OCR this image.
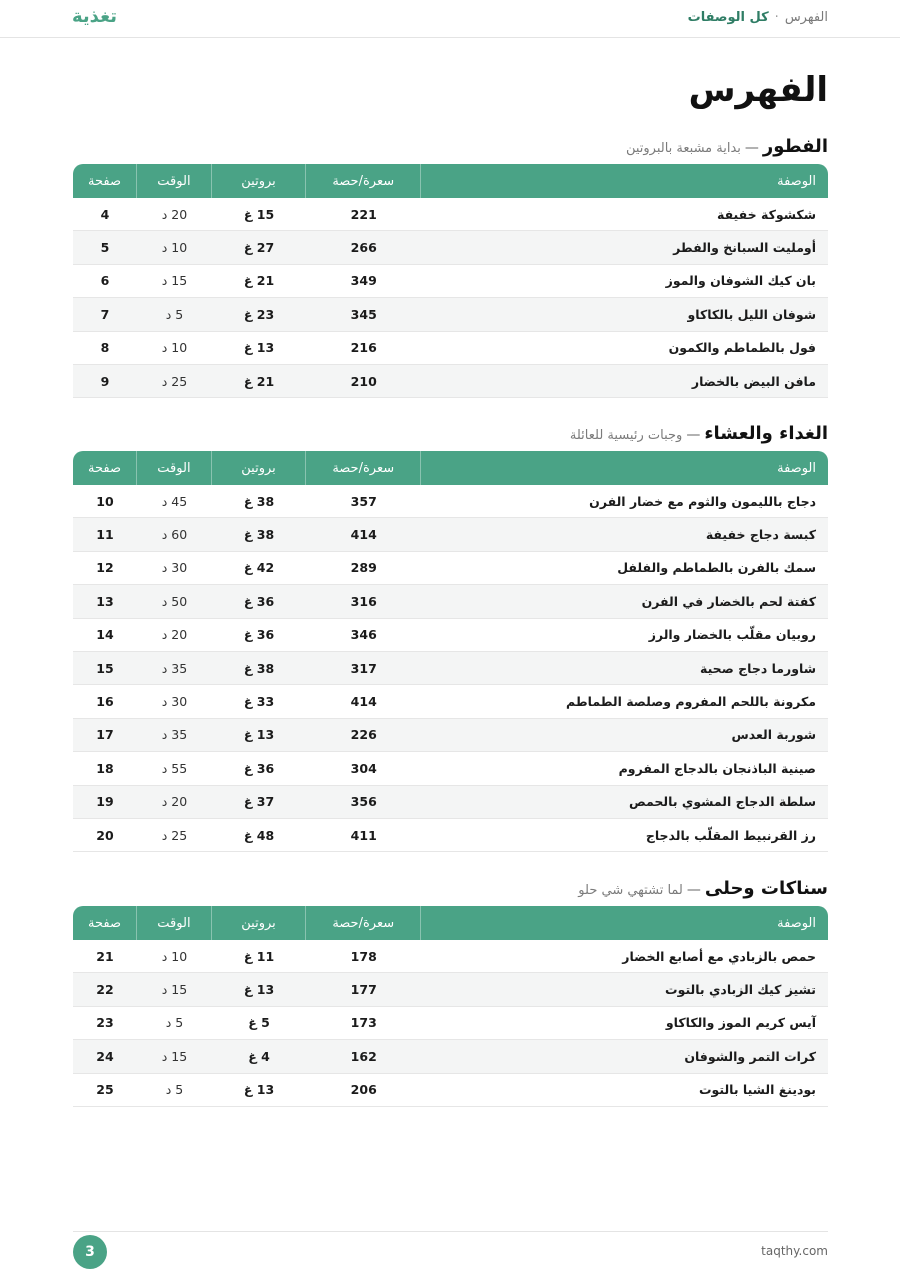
الفهرس·كل الوصفات
تغذية
الفهرس
الفطور—بداية مشبعة بالبروتين
الوصفة	سعرة/حصة	بروتين	الوقت	صفحة
شكشوكة خفيفة	221	15 غ	20 د	4
أومليت السبانخ والفطر	266	27 غ	10 د	5
بان كيك الشوفان والموز	349	21 غ	15 د	6
شوفان الليل بالكاكاو	345	23 غ	5 د	7
فول بالطماطم والكمون	216	13 غ	10 د	8
مافن البيض بالخضار	210	21 غ	25 د	9
الغداء والعشاء—وجبات رئيسية للعائلة
الوصفة	سعرة/حصة	بروتين	الوقت	صفحة
دجاج بالليمون والثوم مع خضار الفرن	357	38 غ	45 د	10
كبسة دجاج خفيفة	414	38 غ	60 د	11
سمك بالفرن بالطماطم والفلفل	289	42 غ	30 د	12
كفتة لحم بالخضار في الفرن	316	36 غ	50 د	13
روبيان مقلّب بالخضار والرز	346	36 غ	20 د	14
شاورما دجاج صحية	317	38 غ	35 د	15
مكرونة باللحم المفروم وصلصة الطماطم	414	33 غ	30 د	16
شوربة العدس	226	13 غ	35 د	17
صينية الباذنجان بالدجاج المفروم	304	36 غ	55 د	18
سلطة الدجاج المشوي بالحمص	356	37 غ	20 د	19
رز القرنبيط المقلّب بالدجاج	411	48 غ	25 د	20
سناكات وحلى—لما تشتهي شي حلو
الوصفة	سعرة/حصة	بروتين	الوقت	صفحة
حمص بالزبادي مع أصابع الخضار	178	11 غ	10 د	21
تشيز كيك الزبادي بالتوت	177	13 غ	15 د	22
آيس كريم الموز والكاكاو	173	5 غ	5 د	23
كرات التمر والشوفان	162	4 غ	15 د	24
بودينغ الشيا بالتوت	206	13 غ	5 د	25
3	taqthy.com
